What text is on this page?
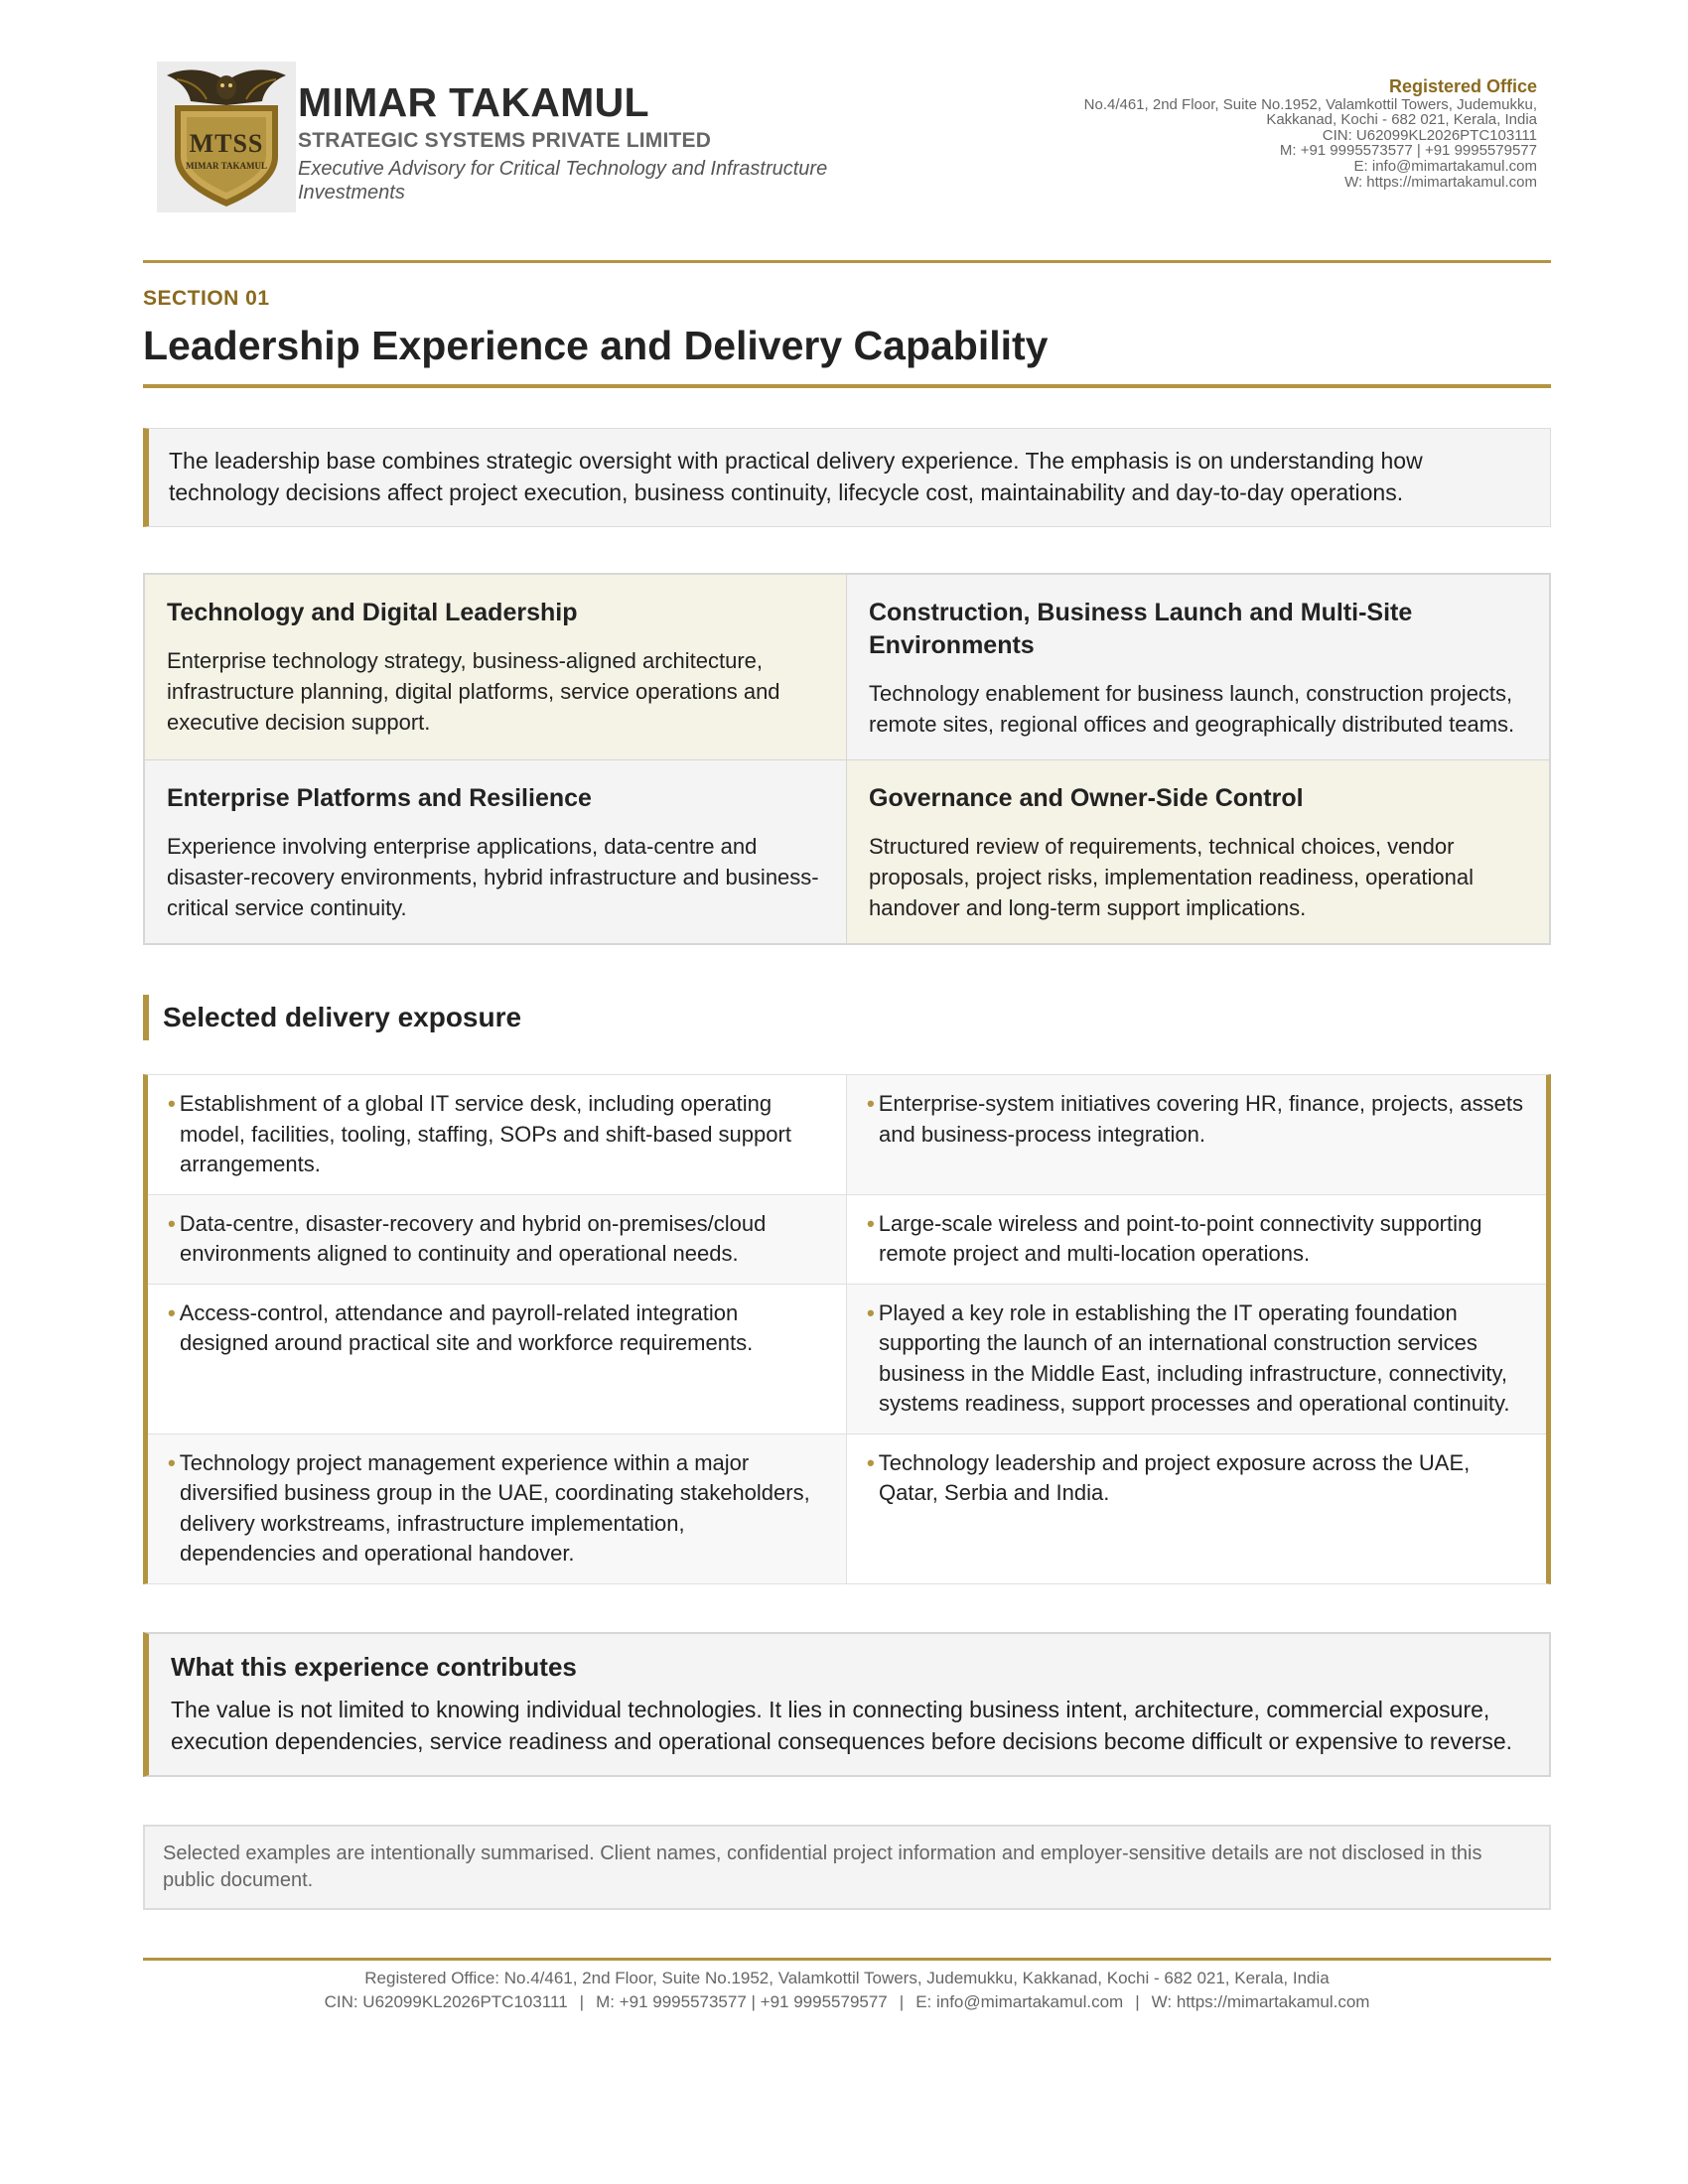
MTSS
MIMAR TAKAMUL
MIMAR TAKAMUL
STRATEGIC SYSTEMS PRIVATE LIMITED
Executive Advisory for Critical Technology and Infrastructure Investments
Registered Office
No.4/461, 2nd Floor, Suite No.1952, Valamkottil Towers, Judemukku,
Kakkanad, Kochi - 682 021, Kerala, India
CIN: U62099KL2026PTC103111
M: +91 9995573577 | +91 9995579577
E: info@mimartakamul.com
W: https://mimartakamul.com
SECTION 01
Leadership Experience and Delivery Capability
The leadership base combines strategic oversight with practical delivery experience. The emphasis is on understanding how technology decisions affect project execution, business continuity, lifecycle cost, maintainability and day-to-day operations.
Technology and Digital Leadership
Enterprise technology strategy, business-aligned architecture, infrastructure planning, digital platforms, service operations and executive decision support.
Construction, Business Launch and Multi-Site Environments
Technology enablement for business launch, construction projects, remote sites, regional offices and geographically distributed teams.
Enterprise Platforms and Resilience
Experience involving enterprise applications, data-centre and disaster-recovery environments, hybrid infrastructure and business-critical service continuity.
Governance and Owner-Side Control
Structured review of requirements, technical choices, vendor proposals, project risks, implementation readiness, operational handover and long-term support implications.
Selected delivery exposure
• Establishment of a global IT service desk, including operating model, facilities, tooling, staffing, SOPs and shift-based support arrangements.
• Enterprise-system initiatives covering HR, finance, projects, assets and business-process integration.
• Data-centre, disaster-recovery and hybrid on-premises/cloud environments aligned to continuity and operational needs.
• Large-scale wireless and point-to-point connectivity supporting remote project and multi-location operations.
• Access-control, attendance and payroll-related integration designed around practical site and workforce requirements.
• Played a key role in establishing the IT operating foundation supporting the launch of an international construction services business in the Middle East, including infrastructure, connectivity, systems readiness, support processes and operational continuity.
• Technology project management experience within a major diversified business group in the UAE, coordinating stakeholders, delivery workstreams, infrastructure implementation, dependencies and operational handover.
• Technology leadership and project exposure across the UAE, Qatar, Serbia and India.
What this experience contributes
The value is not limited to knowing individual technologies. It lies in connecting business intent, architecture, commercial exposure, execution dependencies, service readiness and operational consequences before decisions become difficult or expensive to reverse.
Selected examples are intentionally summarised. Client names, confidential project information and employer-sensitive details are not disclosed in this public document.
Registered Office: No.4/461, 2nd Floor, Suite No.1952, Valamkottil Towers, Judemukku, Kakkanad, Kochi - 682 021, Kerala, India
CIN: U62099KL2026PTC103111 | M: +91 9995573577 | +91 9995579577 | E: info@mimartakamul.com | W: https://mimartakamul.com
